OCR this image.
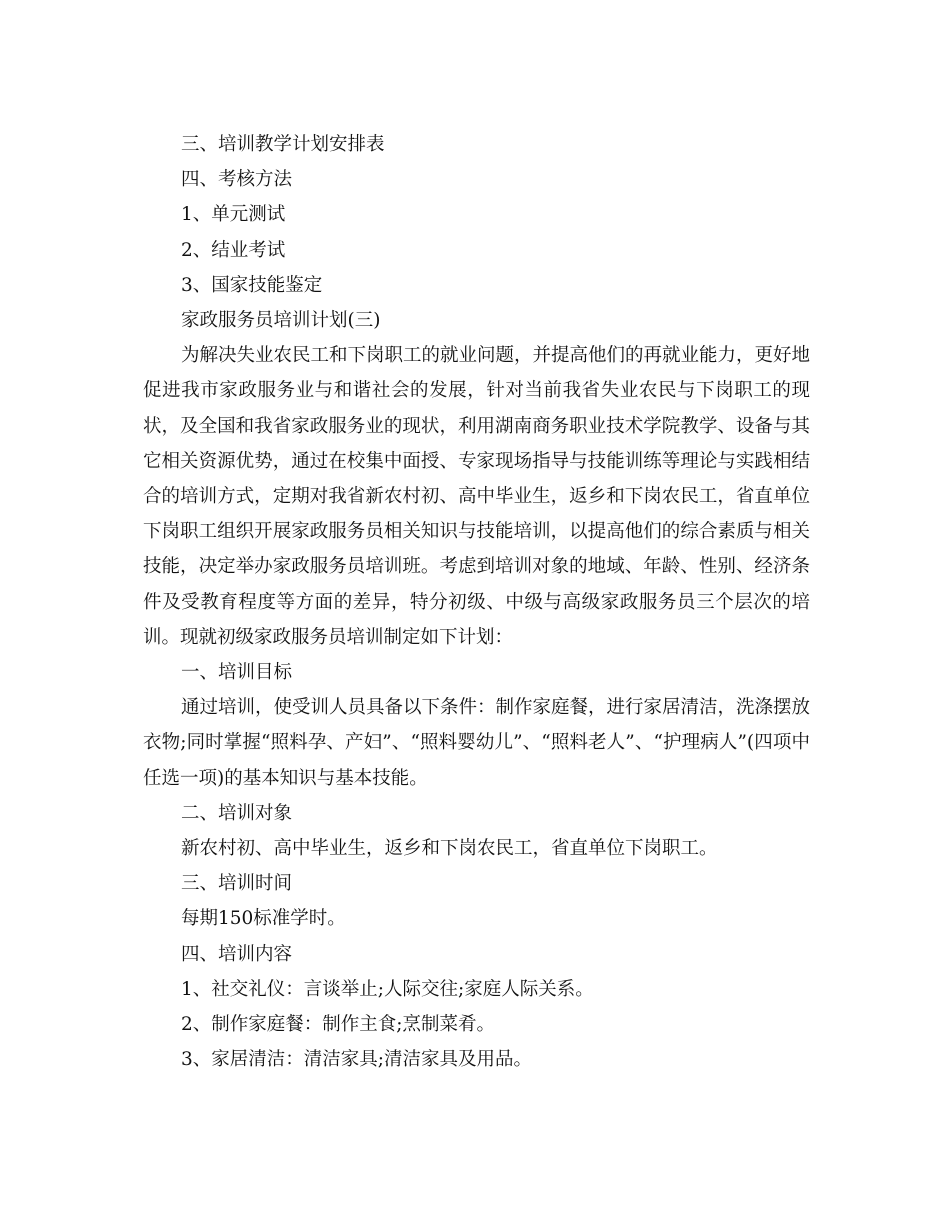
三、培训教学计划安排表
四、考核方法
1、单元测试
2、结业考试
3、国家技能鉴定
家政服务员培训计划(三)

为解决失业农民工和下岗职工的就业问题，并提高他们的再就业能力，更好地促进我市家政服务业与和谐社会的发展，针对当前我省失业农民与下岗职工的现状，及全国和我省家政服务业的现状，利用湖南商务职业技术学院教学、设备与其它相关资源优势，通过在校集中面授、专家现场指导与技能训练等理论与实践相结合的培训方式，定期对我省新农村初、高中毕业生，返乡和下岗农民工，省直单位下岗职工组织开展家政服务员相关知识与技能培训，以提高他们的综合素质与相关技能，决定举办家政服务员培训班。考虑到培训对象的地域、年龄、性别、经济条件及受教育程度等方面的差异，特分初级、中级与高级家政服务员三个层次的培训。现就初级家政服务员培训制定如下计划：

一、培训目标

通过培训，使受训人员具备以下条件：制作家庭餐，进行家居清洁，洗涤摆放衣物;同时掌握“照料孕、产妇”、“照料婴幼儿”、“照料老人”、“护理病人”(四项中任选一项)的基本知识与基本技能。

二、培训对象
新农村初、高中毕业生，返乡和下岗农民工，省直单位下岗职工。
三、培训时间
每期150标准学时。
四、培训内容
1、社交礼仪：言谈举止;人际交往;家庭人际关系。
2、制作家庭餐：制作主食;烹制菜肴。
3、家居清洁：清洁家具;清洁家具及用品。
